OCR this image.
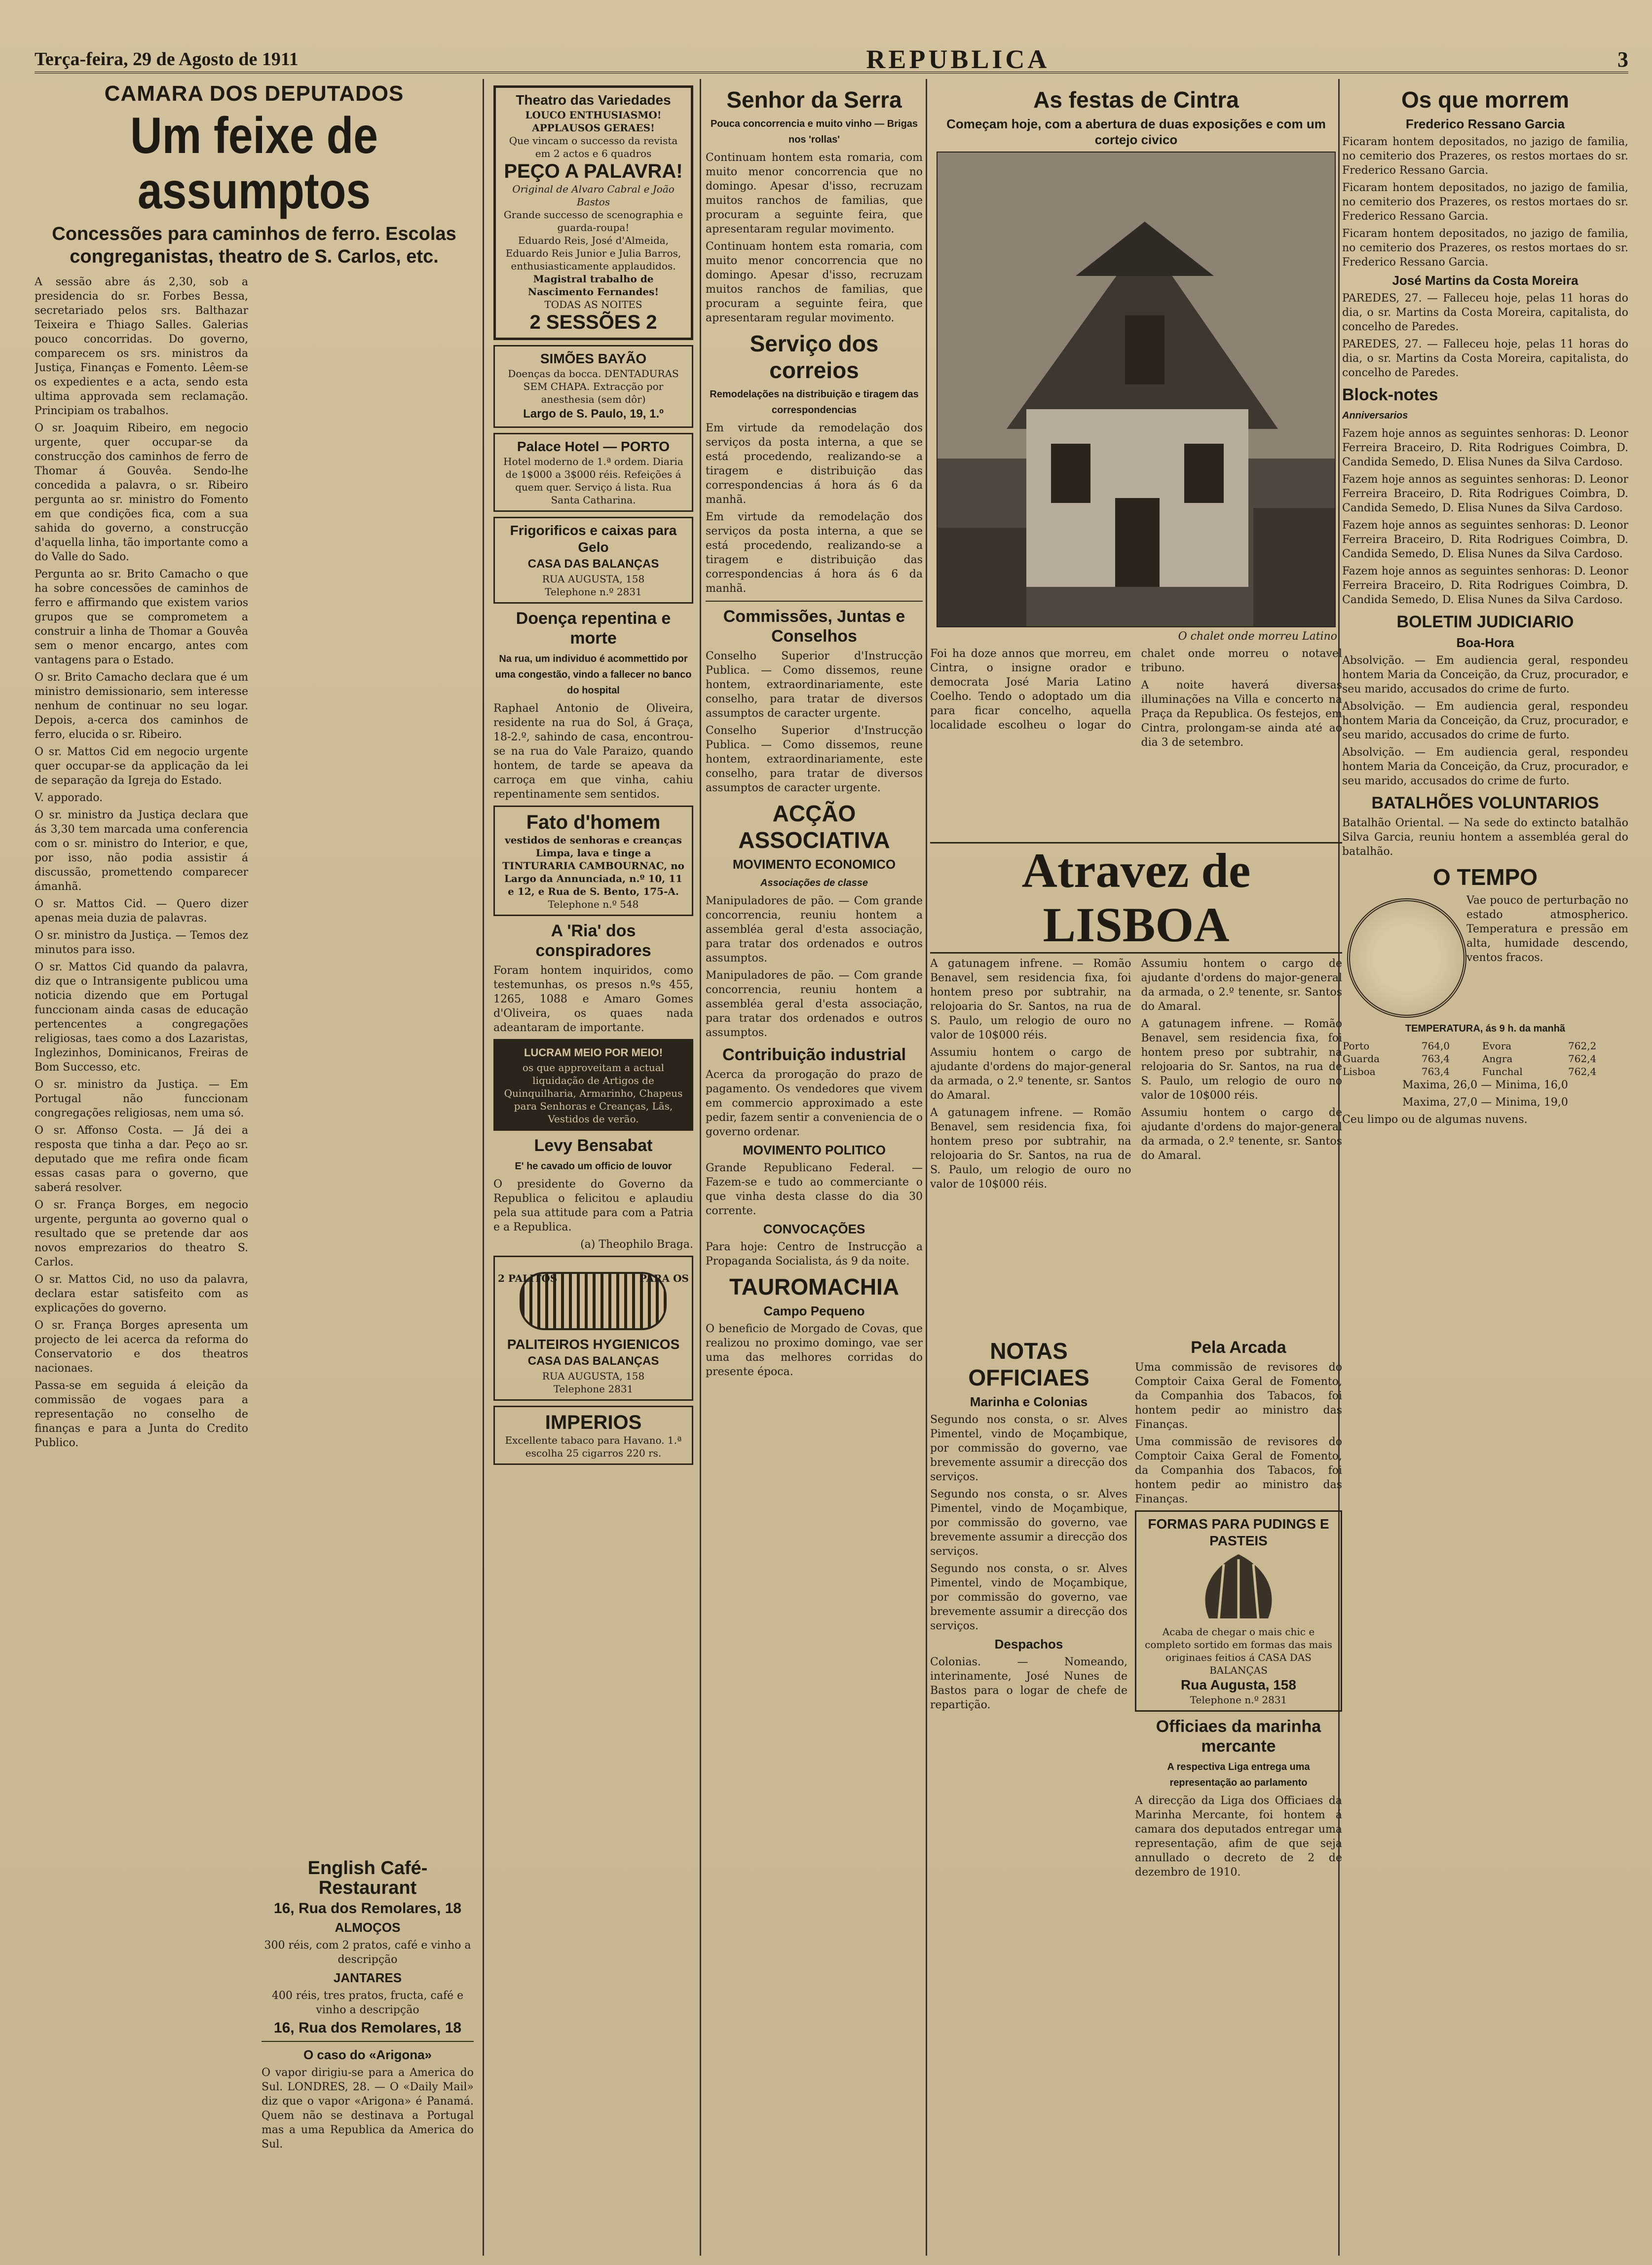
Terça-feira, 29 de Agosto de 1911	REPUBLICA	3
CAMARA DOS DEPUTADOS
Um feixe de assumptos
Concessões para caminhos de ferro. Escolas congreganistas, theatro de S. Carlos, etc.

A sessão abre ás 2,30, sob a presidencia do sr. Forbes Bessa, secretariado pelos srs. Balthazar Teixeira e Thiago Salles. Galerias pouco concorridas. Do governo, comparecem os srs. ministros da Justiça, Finanças e Fomento. Lêem-se os expedientes e a acta, sendo esta ultima approvada sem reclamação. Principiam os trabalhos.

O sr. Joaquim Ribeiro, em negocio urgente, quer occupar-se da construcção dos caminhos de ferro de Thomar á Gouvêa. Sendo-lhe concedida a palavra, o sr. Ribeiro pergunta ao sr. ministro do Fomento em que condições fica, com a sua sahida do governo, a construcção d'aquella linha, tão importante como a do Valle do Sado.

Pergunta ao sr. Brito Camacho o que ha sobre concessões de caminhos de ferro e affirmando que existem varios grupos que se comprometem a construir a linha de Thomar a Gouvêa sem o menor encargo, antes com vantagens para o Estado.

O sr. Brito Camacho declara que é um ministro demissionario, sem interesse nenhum de continuar no seu logar. Depois, a-cerca dos caminhos de ferro, elucida o sr. Ribeiro.

O sr. Mattos Cid em negocio urgente quer occupar-se da applicação da lei de separação da Igreja do Estado.

V. apporado.

O sr. ministro da Justiça declara que ás 3,30 tem marcada uma conferencia com o sr. ministro do Interior, e que, por isso, não podia assistir á discussão, promettendo comparecer ámanhã.

O sr. Mattos Cid. — Quero dizer apenas meia duzia de palavras.

O sr. ministro da Justiça. — Temos dez minutos para isso.

O sr. Mattos Cid quando da palavra, diz que o Intransigente publicou uma noticia dizendo que em Portugal funccionam ainda casas de educação pertencentes a congregações religiosas, taes como a dos Lazaristas, Inglezinhos, Dominicanos, Freiras de Bom Successo, etc.

O sr. ministro da Justiça. — Em Portugal não funccionam congregações religiosas, nem uma só.

O sr. Affonso Costa. — Já dei a resposta que tinha a dar. Peço ao sr. deputado que me refira onde ficam essas casas para o governo, que saberá resolver.

O sr. França Borges, em negocio urgente, pergunta ao governo qual o resultado que se pretende dar aos novos emprezarios do theatro S. Carlos.

O sr. Mattos Cid, no uso da palavra, declara estar satisfeito com as explicações do governo.

O sr. França Borges apresenta um projecto de lei acerca da reforma do Conservatorio e dos theatros nacionaes.

Passa-se em seguida á eleição da commissão de vogaes para a representação no conselho de finanças e para a Junta do Credito Publico.

English Café-Restaurant
16, Rua dos Remolares, 18
ALMOÇOS

300 réis, com 2 pratos, café e vinho a descripção

JANTARES

400 réis, tres pratos, fructa, café e vinho a descripção

16, Rua dos Remolares, 18
O caso do «Arigona»

O vapor dirigiu-se para a America do Sul. LONDRES, 28. — O «Daily Mail» diz que o vapor «Arigona» é Panamá. Quem não se destinava a Portugal mas a uma Republica da America do Sul.

Theatro das Variedades
LOUCO ENTHUSIASMO! APPLAUSOS GERAES!
Que vincam o successo da revista em 2 actos e 6 quadros
PEÇO A PALAVRA!
Original de Alvaro Cabral e João Bastos
Grande successo de scenographia e guarda-roupa!
Eduardo Reis, José d'Almeida, Eduardo Reis Junior e Julia Barros, enthusiasticamente applaudidos.
Magistral trabalho de Nascimento Fernandes!
TODAS AS NOITES
2 SESSÕES 2
SIMÕES BAYÃO
Doenças da bocca. DENTADURAS SEM CHAPA. Extracção por anesthesia (sem dôr)
Largo de S. Paulo, 19, 1.º
Palace Hotel — PORTO
Hotel moderno de 1.ª ordem. Diaria de 1$000 a 3$000 réis. Refeições á quem quer. Serviço á lista. Rua Santa Catharina.
Frigorificos e caixas para Gelo
CASA DAS BALANÇAS
RUA AUGUSTA, 158
Telephone n.º 2831
Doença repentina e morte
Na rua, um individuo é acommettido por uma congestão, vindo a fallecer no banco do hospital

Raphael Antonio de Oliveira, residente na rua do Sol, á Graça, 18-2.º, sahindo de casa, encontrou-se na rua do Vale Paraizo, quando hontem, de tarde se apeava da carroça em que vinha, cahiu repentinamente sem sentidos.

Fato d'homem
vestidos de senhoras e creanças Limpa, lava e tinge a TINTURARIA CAMBOURNAC, no Largo da Annunciada, n.º 10, 11 e 12, e Rua de S. Bento, 175-A.
Telephone n.º 548
A 'Ria' dos conspiradores

Foram hontem inquiridos, como testemunhas, os presos n.ºs 455, 1265, 1088 e Amaro Gomes d'Oliveira, os quaes nada adeantaram de importante.

LUCRAM MEIO POR MEIO!
os que approveitam a actual liquidação de Artigos de Quinquilharia, Armarinho, Chapeus para Senhoras e Creanças, Lãs, Vestidos de verão.
Levy Bensabat
E' he cavado um officio de louvor

O presidente do Governo da Republica o felicitou e aplaudiu pela sua attitude para com a Patria e a Republica.

(a) Theophilo Braga.

2 PALITOS	PARA OS
PALITEIROS HYGIENICOS
CASA DAS BALANÇAS
RUA AUGUSTA, 158
Telephone 2831
IMPERIOS
Excellente tabaco para Havano. 1.ª escolha 25 cigarros 220 rs.
Senhor da Serra
Pouca concorrencia e muito vinho — Brigas nos 'rollas'

Continuam hontem esta romaria, com muito menor concorrencia que no domingo. Apesar d'isso, recruzam muitos ranchos de familias, que procuram a seguinte feira, que apresentaram regular movimento.

Continuam hontem esta romaria, com muito menor concorrencia que no domingo. Apesar d'isso, recruzam muitos ranchos de familias, que procuram a seguinte feira, que apresentaram regular movimento.

Serviço dos correios
Remodelações na distribuição e tiragem das correspondencias

Em virtude da remodelação dos serviços da posta interna, a que se está procedendo, realizando-se a tiragem e distribuição das correspondencias á hora ás 6 da manhã.

Em virtude da remodelação dos serviços da posta interna, a que se está procedendo, realizando-se a tiragem e distribuição das correspondencias á hora ás 6 da manhã.

Commissões, Juntas e Conselhos

Conselho Superior d'Instrucção Publica. — Como dissemos, reune hontem, extraordinariamente, este conselho, para tratar de diversos assumptos de caracter urgente.

Conselho Superior d'Instrucção Publica. — Como dissemos, reune hontem, extraordinariamente, este conselho, para tratar de diversos assumptos de caracter urgente.

ACÇÃO ASSOCIATIVA
MOVIMENTO ECONOMICO
Associações de classe

Manipuladores de pão. — Com grande concorrencia, reuniu hontem a assembléa geral d'esta associação, para tratar dos ordenados e outros assumptos.

Manipuladores de pão. — Com grande concorrencia, reuniu hontem a assembléa geral d'esta associação, para tratar dos ordenados e outros assumptos.

Contribuição industrial

Acerca da prorogação do prazo de pagamento. Os vendedores que vivem em commercio approximado a este pedir, fazem sentir a conveniencia de o governo ordenar.

MOVIMENTO POLITICO

Grande Republicano Federal. — Fazem-se e tudo ao commerciante o que vinha desta classe do dia 30 corrente.

CONVOCAÇÕES

Para hoje: Centro de Instrucção a Propaganda Socialista, ás 9 da noite.

TAUROMACHIA
Campo Pequeno

O beneficio de Morgado de Covas, que realizou no proximo domingo, vae ser uma das melhores corridas do presente época.

As festas de Cintra
Começam hoje, com a abertura de duas exposições e com um cortejo civico
O chalet onde morreu Latino

Foi ha doze annos que morreu, em Cintra, o insigne orador e democrata José Maria Latino Coelho. Tendo o adoptado um dia para ficar concelho, aquella localidade escolheu o logar do chalet onde morreu o notavel tribuno.

A noite haverá diversas illuminações na Villa e concerto na Praça da Republica. Os festejos, em Cintra, prolongam-se ainda até ao dia 3 de setembro.

Atravez de LISBOA

A gatunagem infrene. — Romão Benavel, sem residencia fixa, foi hontem preso por subtrahir, na relojoaria do Sr. Santos, na rua de S. Paulo, um relogio de ouro no valor de 10$000 réis.

Assumiu hontem o cargo de ajudante d'ordens do major-general da armada, o 2.º tenente, sr. Santos do Amaral.

A gatunagem infrene. — Romão Benavel, sem residencia fixa, foi hontem preso por subtrahir, na relojoaria do Sr. Santos, na rua de S. Paulo, um relogio de ouro no valor de 10$000 réis.

Assumiu hontem o cargo de ajudante d'ordens do major-general da armada, o 2.º tenente, sr. Santos do Amaral.

A gatunagem infrene. — Romão Benavel, sem residencia fixa, foi hontem preso por subtrahir, na relojoaria do Sr. Santos, na rua de S. Paulo, um relogio de ouro no valor de 10$000 réis.

Assumiu hontem o cargo de ajudante d'ordens do major-general da armada, o 2.º tenente, sr. Santos do Amaral.

NOTAS OFFICIAES
Marinha e Colonias

Segundo nos consta, o sr. Alves Pimentel, vindo de Moçambique, por commissão do governo, vae brevemente assumir a direcção dos serviços.

Segundo nos consta, o sr. Alves Pimentel, vindo de Moçambique, por commissão do governo, vae brevemente assumir a direcção dos serviços.

Segundo nos consta, o sr. Alves Pimentel, vindo de Moçambique, por commissão do governo, vae brevemente assumir a direcção dos serviços.

Despachos

Colonias. — Nomeando, interinamente, José Nunes de Bastos para o logar de chefe de repartição.

Pela Arcada

Uma commissão de revisores do Comptoir Caixa Geral de Fomento, da Companhia dos Tabacos, foi hontem pedir ao ministro das Finanças.

Uma commissão de revisores do Comptoir Caixa Geral de Fomento, da Companhia dos Tabacos, foi hontem pedir ao ministro das Finanças.

FORMAS PARA PUDINGS E PASTEIS
Acaba de chegar o mais chic e completo sortido em formas das mais originaes feitios á CASA DAS BALANÇAS
Rua Augusta, 158
Telephone n.º 2831
Officiaes da marinha mercante
A respectiva Liga entrega uma representação ao parlamento

A direcção da Liga dos Officiaes da Marinha Mercante, foi hontem á camara dos deputados entregar uma representação, afim de que seja annullado o decreto de 2 de dezembro de 1910.

Os que morrem
Frederico Ressano Garcia

Ficaram hontem depositados, no jazigo de familia, no cemiterio dos Prazeres, os restos mortaes do sr. Frederico Ressano Garcia.

Ficaram hontem depositados, no jazigo de familia, no cemiterio dos Prazeres, os restos mortaes do sr. Frederico Ressano Garcia.

Ficaram hontem depositados, no jazigo de familia, no cemiterio dos Prazeres, os restos mortaes do sr. Frederico Ressano Garcia.

José Martins da Costa Moreira

PAREDES, 27. — Falleceu hoje, pelas 11 horas do dia, o sr. Martins da Costa Moreira, capitalista, do concelho de Paredes.

PAREDES, 27. — Falleceu hoje, pelas 11 horas do dia, o sr. Martins da Costa Moreira, capitalista, do concelho de Paredes.

Block-notes
Anniversarios

Fazem hoje annos as seguintes senhoras: D. Leonor Ferreira Braceiro, D. Rita Rodrigues Coimbra, D. Candida Semedo, D. Elisa Nunes da Silva Cardoso.

Fazem hoje annos as seguintes senhoras: D. Leonor Ferreira Braceiro, D. Rita Rodrigues Coimbra, D. Candida Semedo, D. Elisa Nunes da Silva Cardoso.

Fazem hoje annos as seguintes senhoras: D. Leonor Ferreira Braceiro, D. Rita Rodrigues Coimbra, D. Candida Semedo, D. Elisa Nunes da Silva Cardoso.

Fazem hoje annos as seguintes senhoras: D. Leonor Ferreira Braceiro, D. Rita Rodrigues Coimbra, D. Candida Semedo, D. Elisa Nunes da Silva Cardoso.

BOLETIM JUDICIARIO
Boa-Hora

Absolvição. — Em audiencia geral, respondeu hontem Maria da Conceição, da Cruz, procurador, e seu marido, accusados do crime de furto.

Absolvição. — Em audiencia geral, respondeu hontem Maria da Conceição, da Cruz, procurador, e seu marido, accusados do crime de furto.

Absolvição. — Em audiencia geral, respondeu hontem Maria da Conceição, da Cruz, procurador, e seu marido, accusados do crime de furto.

BATALHÕES VOLUNTARIOS

Batalhão Oriental. — Na sede do extincto batalhão Silva Garcia, reuniu hontem a assembléa geral do batalhão.

O TEMPO

Vae pouco de perturbação no estado atmospherico. Temperatura e pressão em alta, humidade descendo, ventos fracos.

TEMPERATURA, ás 9 h. da manhã
Porto	764,0	Evora	762,2
Guarda	763,4	Angra	762,4
Lisboa	763,4	Funchal	762,4

Maxima, 26,0 — Minima, 16,0

Maxima, 27,0 — Minima, 19,0

Ceu limpo ou de algumas nuvens.
